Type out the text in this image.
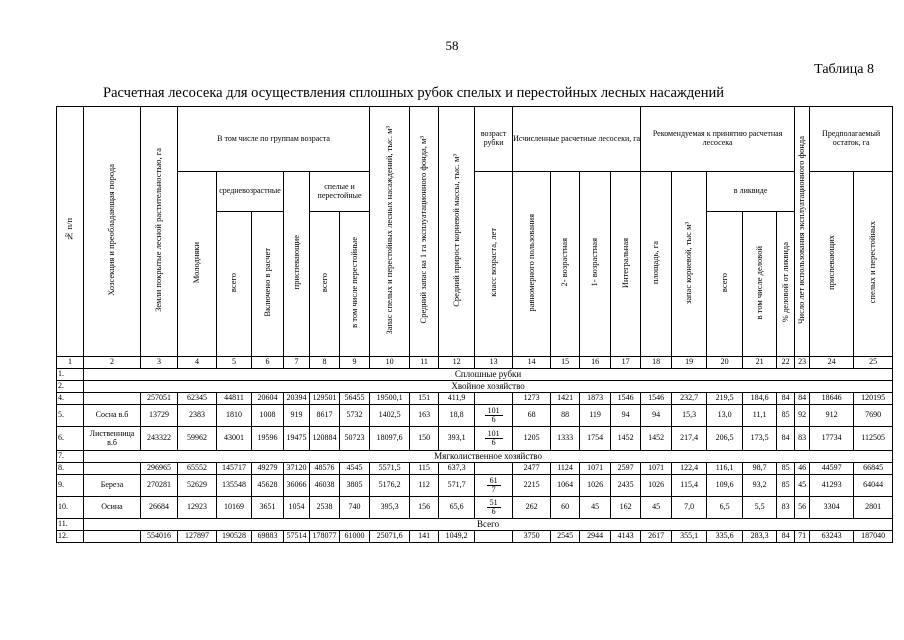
58
Таблица 8
Расчетная лесосека для осуществления сплошных рубок спелых и перестойных лесных насаждений
№ п/п	Хозсекция и преобладающая порода	Земли покрытые лесной растительностью, га	В том числе по группам возраста						Запас спелых и перестойных лесных насаждений, тыс. м³	Средний запас на 1 га эксплуатационного фонда, м³	Средний прирост корневой массы, тыс. м³	возраст рубки	Исчисленные расчетные лесосеки, га				Рекомендуемая к принятию расчетная лесосека					Число лет использования эксплуатационного фонда	Предполагаемый остаток, га	
			Молодняки	средневозрастные		приспевающие	спелые и перестойные					класс возраста, лет	равномерного пользования	2- возрастная	1- возрастная	Интегральная	площадь, га	запас корневой, тыс м³	в ликвиде				приспевающих	спелых и перестойных
				всего	Включено в расчет		всего	в том числе перестойные											всего	в том числе деловой	% деловой от ликвида			
1	2	3	4	5	6	7	8	9	10	11	12	13	14	15	16	17	18	19	20	21	22	23	24	25
1.	Сплошные рубки																							
2.	Хвойное хозяйство																							
4.		257051	62345	44811	20604	20394	129501	56455	19500,1	151	411,9		1273	1421	1873	1546	1546	232,7	219,5	184,6	84	84	18646	120195
5.	Сосна в.б	13729	2383	1810	1008	919	8617	5732	1402,5	163	18,8	$\frac{101}{6}$	68	88	119	94	94	15,3	13,0	11,1	85	92	912	7690
6.	Лиственница в.б	243322	59962	43001	19596	19475	120884	50723	18097,6	150	393,1	$\frac{101}{6}$	1205	1333	1754	1452	1452	217,4	206,5	173,5	84	83	17734	112505
7.	Мягколиственное хозяйство																							
8.		296965	65552	145717	49279	37120	48576	4545	5571,5	115	637,3		2477	1124	1071	2597	1071	122,4	116,1	98,7	85	46	44597	66845
9.	Береза	270281	52629	135548	45628	36066	46038	3805	5176,2	112	571,7	$\frac{61}{7}$	2215	1064	1026	2435	1026	115,4	109,6	93,2	85	45	41293	64044
10.	Осина	26684	12923	10169	3651	1054	2538	740	395,3	156	65,6	$\frac{51}{6}$	262	60	45	162	45	7,0	6,5	5,5	83	56	3304	2801
11.	Всего																							
12.		554016	127897	190528	69883	57514	178077	61000	25071,6	141	1049,2		3750	2545	2944	4143	2617	355,1	335,6	283,3	84	71	63243	187040
